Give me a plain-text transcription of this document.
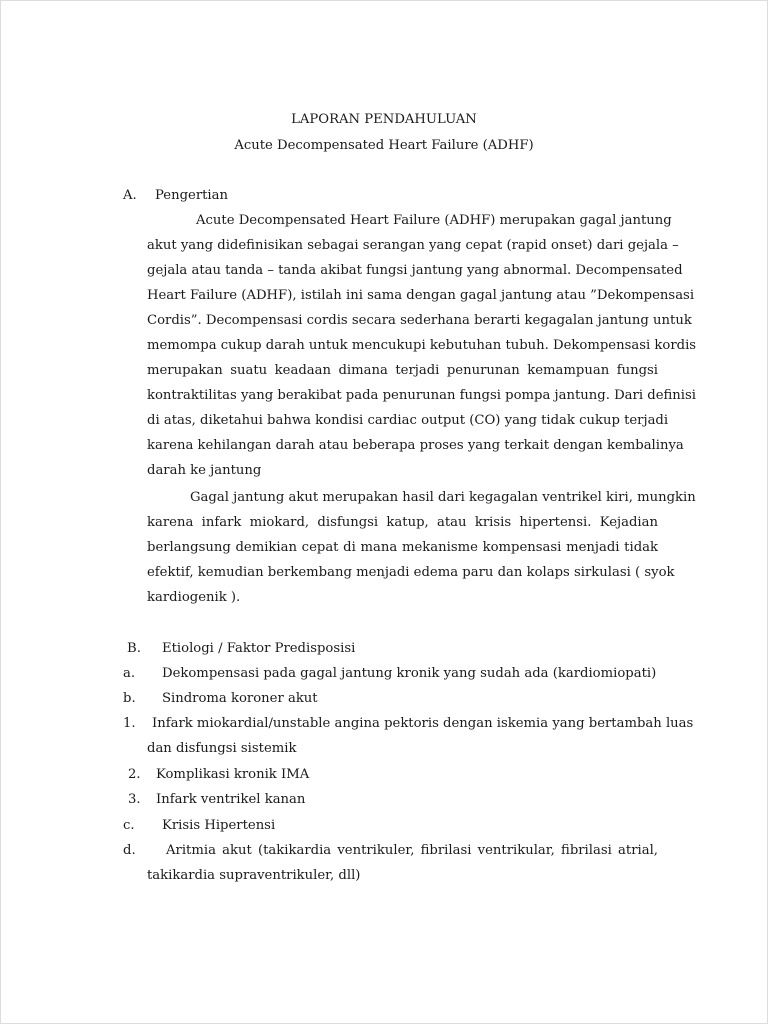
LAPORAN PENDAHULUAN
Acute Decompensated Heart Failure (ADHF)
A. Pengertian
Acute Decompensated Heart Failure (ADHF) merupakan gagal jantung
akut yang didefinisikan sebagai serangan yang cepat (rapid onset) dari gejala –
gejala atau tanda – tanda akibat fungsi jantung yang abnormal. Decompensated
Heart Failure (ADHF), istilah ini sama dengan gagal jantung atau ”Dekompensasi
Cordis”. Decompensasi cordis secara sederhana berarti kegagalan jantung untuk
memompa cukup darah untuk mencukupi kebutuhan tubuh. Dekompensasi kordis
merupakan suatu keadaan dimana terjadi penurunan kemampuan fungsi
kontraktilitas yang berakibat pada penurunan fungsi pompa jantung. Dari definisi
di atas, diketahui bahwa kondisi cardiac output (CO) yang tidak cukup terjadi
karena kehilangan darah atau beberapa proses yang terkait dengan kembalinya
darah ke jantung
Gagal jantung akut merupakan hasil dari kegagalan ventrikel kiri, mungkin
karena infark miokard, disfungsi katup, atau krisis hipertensi. Kejadian
berlangsung demikian cepat di mana mekanisme kompensasi menjadi tidak
efektif, kemudian berkembang menjadi edema paru dan kolaps sirkulasi ( syok
kardiogenik ).
B. Etiologi / Faktor Predisposisi
a. Dekompensasi pada gagal jantung kronik yang sudah ada (kardiomiopati)
b. Sindroma koroner akut
1. Infark miokardial/unstable angina pektoris dengan iskemia yang bertambah luas
dan disfungsi sistemik
2. Komplikasi kronik IMA
3. Infark ventrikel kanan
c. Krisis Hipertensi
d. Aritmia akut (takikardia ventrikuler, fibrilasi ventrikular, fibrilasi atrial,
takikardia supraventrikuler, dll)
